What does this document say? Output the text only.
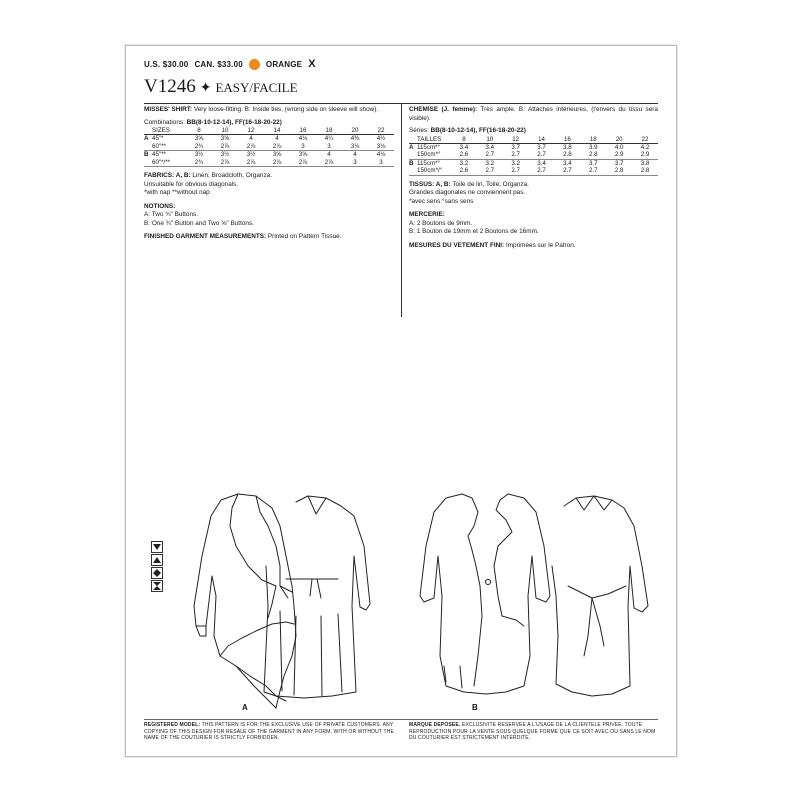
U.S. $30.00 CAN. $33.00	ORANGE X
V1246 ✦ EASY/FACILE

MISSES' SHIRT: Very loose-fitting. B: Inside ties, (wrong side on sleeve will show).

Combinations: BB(8-10-12-14), FF(16-18-20-22)

	SIZES	8	10	12	14	16	18	20	22
A	45"*	3⅝	3⅝	4	4	4⅛	4¼	4⅜	4½
	60"**	2¾	2⅞	2⅞	2⅞	3	3	3⅛	3⅛
B	45"**	3½	3½	3½	3⅝	3⅝	4	4	4⅛
	60"*/**	2¾	2⅞	2⅞	2⅞	2⅞	2⅞	3	3

FABRICS: A, B: Linen, Broadcloth, Organza.

Unsuitable for obvious diagonals.

*with nap **without nap

NOTIONS:

A: Two ¾" Buttons.

B: One ¾" Button and Two ⅝" Buttons.

FINISHED GARMENT MEASUREMENTS: Printed on Pattern Tissue.

CHEMISE (J. femme): Très ample. B: Attaches intérieures, (l'envers du tissu sera visible).

Séries: BB(8-10-12-14), FF(16-18-20-22)

	TAILLES	8	10	12	14	16	18	20	22
A	115cm*°	3.4	3.4	3.7	3.7	3.8	3.9	4.0	4.2
	150cm*°	2.6	2.7	2.7	2.7	2.8	2.8	2.9	2.9
B	115cm*°	3.2	3.2	3.2	3.4	3.4	3.7	3.7	3.8
	150cm*/°	2.6	2.7	2.7	2.7	2.7	2.7	2.8	2.8

TISSUS: A, B: Toile de lin, Toile, Organza.

Grandes diagonales ne conviennent pas.

*avec sens °sans sens

MERCERIE:

A: 2 Boutons de 9mm.

B: 1 Bouton de 19mm et 2 Boutons de 16mm.

MESURES DU VETEMENT FINI: Imprimées sur le Patron.

A	B
REGISTERED MODEL: THIS PATTERN IS FOR THE EXCLUSIVE USE OF PRIVATE CUSTOMERS. ANY COPYING OF THIS DESIGN FOR RESALE OF THE GARMENT IN ANY FORM, WITH OR WITHOUT THE NAME OF THE COUTURIER IS STRICTLY FORBIDDEN.
MARQUE DEPOSEE. EXCLUSIVITE RESERVEE A L'USAGE DE LA CLIENTELE PRIVEE. TOUTE REPRODUCTION POUR LA VENTE SOUS QUELQUE FORME QUE CE SOIT AVEC OU SANS LE NOM DU COUTURIER EST STRICTEMENT INTERDITE.
